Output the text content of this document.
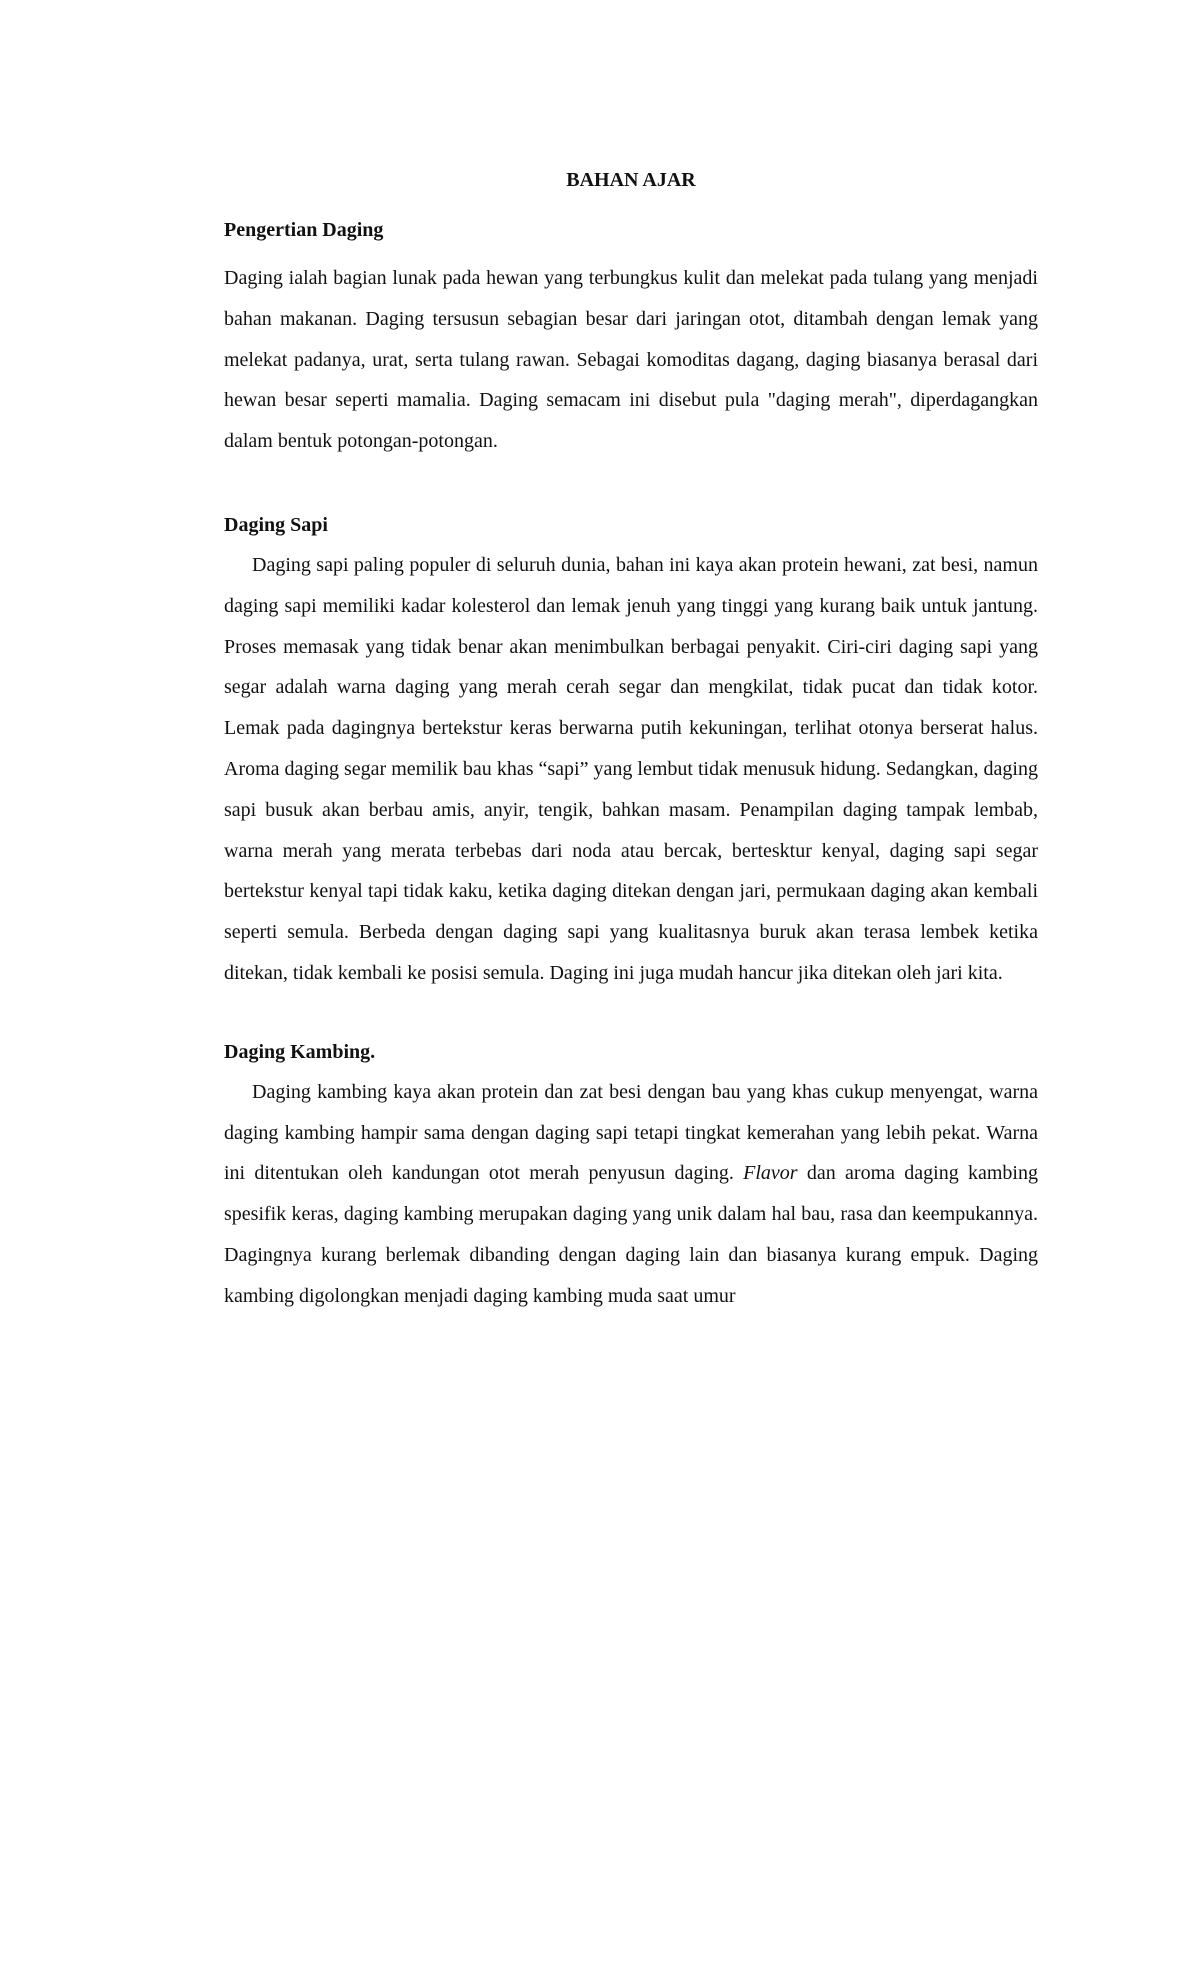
BAHAN AJAR
Pengertian Daging

Daging ialah bagian lunak pada hewan yang terbungkus kulit dan melekat pada tulang yang menjadi bahan makanan. Daging tersusun sebagian besar dari jaringan otot, ditambah dengan lemak yang melekat padanya, urat, serta tulang rawan. Sebagai komoditas dagang, daging biasanya berasal dari hewan besar seperti mamalia. Daging semacam ini disebut pula "daging merah", diperdagangkan dalam bentuk potongan-potongan.

Daging Sapi

Daging sapi paling populer di seluruh dunia, bahan ini kaya akan protein hewani, zat besi, namun daging sapi memiliki kadar kolesterol dan lemak jenuh yang tinggi yang kurang baik untuk jantung. Proses memasak yang tidak benar akan menimbulkan berbagai penyakit. Ciri-ciri daging sapi yang segar adalah warna daging yang merah cerah segar dan mengkilat, tidak pucat dan tidak kotor. Lemak pada dagingnya bertekstur keras berwarna putih kekuningan, terlihat otonya berserat halus. Aroma daging segar memilik bau khas “sapi” yang lembut tidak menusuk hidung. Sedangkan, daging sapi busuk akan berbau amis, anyir, tengik, bahkan masam. Penampilan daging tampak lembab, warna merah yang merata terbebas dari noda atau bercak, bertesktur kenyal, daging sapi segar bertekstur kenyal tapi tidak kaku, ketika daging ditekan dengan jari, permukaan daging akan kembali seperti semula. Berbeda dengan daging sapi yang kualitasnya buruk akan terasa lembek ketika ditekan, tidak kembali ke posisi semula. Daging ini juga mudah hancur jika ditekan oleh jari kita.

Daging Kambing.

Daging kambing kaya akan protein dan zat besi dengan bau yang khas cukup menyengat, warna daging kambing hampir sama dengan daging sapi tetapi tingkat kemerahan yang lebih pekat. Warna ini ditentukan oleh kandungan otot merah penyusun daging. Flavor dan aroma daging kambing spesifik keras, daging kambing merupakan daging yang unik dalam hal bau, rasa dan keempukannya. Dagingnya kurang berlemak dibanding dengan daging lain dan biasanya kurang empuk. Daging kambing digolongkan menjadi daging kambing muda saat umur
